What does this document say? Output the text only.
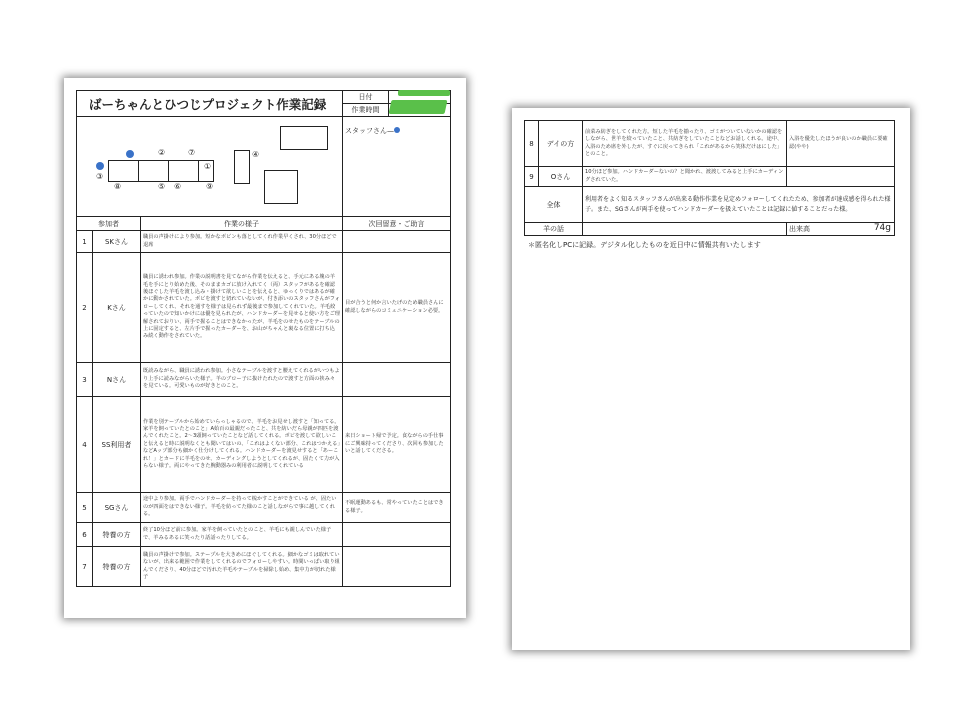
ばーちゃんとひつじプロジェクト作業記録	日付	
	作業時間	
	スタッフさん—
②	⑦
③
⑧	⑤ ⑥	⑨
④
①
参加者		作業の様子	次回留意・ご助言
1	SKさん	職員の声掛けにより参加。短かなボビンも落としてくれ作業早くされ、30分ほどで退席	
2	Kさん	職員に誘われ参加。作業の説明書を見てながら作業を伝えると、手元にある塊の羊毛を手にとり始めた後、そのままカゴに放け入れてく（両）スタッフがあるを確認後ほぐした羊毛を渡し込み・掛けて欲しいことを伝えると、ゆっくりではあるが確かに動かされていた。ボビを渡すと切れていないが、付き添いのスタッフさんがフォローしてくれ、それを通すを様子は見られず最後まで参加してくれていた。羊毛絞っていたので知いかけには優を見られたが、ハンドカーダーを見せると使い方をご理解されておりい、両手で握ることはできなかったが、羊毛をのせたものをテーブルの上に固定すると、左片手で握ったカーダーを、お山がちゃんと裏なる位置に打ち込み続く動作をされていた。	目が合うと何か言いたげのため職員さんに確認しながらのコミュニケーション必要。
3	Nさん	既読みながら、職員に誘われ参加。小さなテーブルを渡すと腰えてくれるがいつもより上手に読みながらいた様子。羊のブロー子に抜けたれたので渡すと方面の挟み々を見ている。可愛いものが好きとのこと。	
4	SS利用者	作業を別テーブルから始めていらっしゃるので、羊毛をお見せし渡すと「知ってる。家羊を飼っていたとのこと」A始百の最親だったこと、共を紡いだら母親が四匹を渡んでくれたこと。2〜3頭飼っていたことなど話してくれる。ボビを渡して欲しいこと伝えると時に説明なくとも聞いてはいの、「これはよくない部分、これはつかえる」などAップ部分も細かく仕分けしてくれる。ハンドカーダーを渡見せすると「あーこれ！」とカードに羊毛をのせ、カーディングしようとしてくれるが、固たくて力が入らない様子。両にやってきた腕動器みの利用者に説明してくれている	来日ショート帰で予定。食ながらの手仕事にご興味持ってくださり、次回も参加したいと話してくださる。
5	SGさん	途中より参加。両手でハンドカーダーを持って梳かすことができている が、固たいのが四面をはできない様子。羊毛を紡ってた様のこと話しながらで事に越してくれる。	不眠運動あるも、常やっていたことはできる様子。
6	特養の方	終了10分ほど前に参加。家羊を飼っていたとのこと、羊毛にも親しんでいた様子で、羊みるあるに笑ったり話話ったりしてる。	
7	特養の方	職員の声掛けで参加。ステープルを大きめにほぐしてくれる。細かなゴミは取れていないが、出来る範囲で作業をしてくれるのでフォローしやすい。時間いっぱい取り組んでくださり、40分ほどで汚れた羊毛やテーブルを掃除し始め、集中力が切れた様子	
8	デイの方	前菜み紡ぎをしてくれた方。短した羊毛を揃ったり、ゴミがついていないかの確認をしながら、世羊を絞っていたこと、共紡ぎをしていたことなどお話しくれる。途中、入浴のため席を外したが、すぐに戻ってきられ「これがあるから笑体だけはにした」とのこと。	入浴を優先したほうが良いのか職員に要確認(やや)
9	Oさん	10分ほど参加。ハンドカーダーないの？と聞かれ、渡渡してみると上手にカーディングされていた。	
全体		利用者をよく知るスタッフさんが出来る動作作業を見定めフォローしてくれたため、参加者が達成感を得られた様子。また、SGさんが両手を使ってハンドカーダーを扱えていたことは記録に値することだった様。	
羊の話			出来高 74g
＊匿名化しPCに記録。デジタル化したものを近日中に情報共有いたします
